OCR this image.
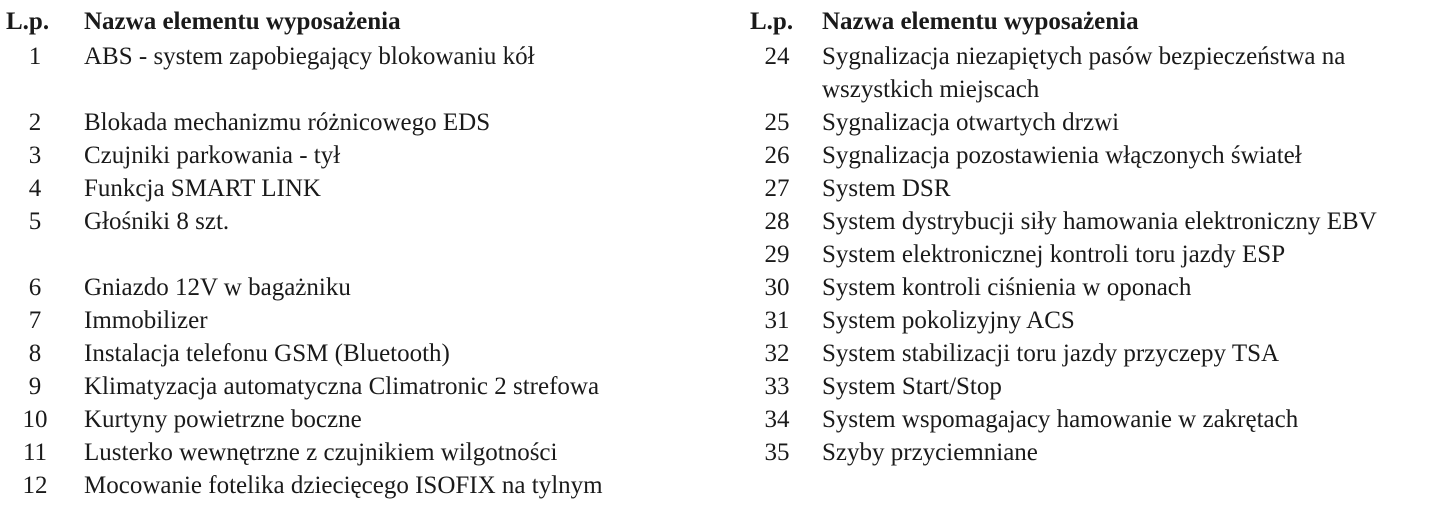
L.p.	Nazwa elementu wyposażenia
1	ABS - system zapobiegający blokowaniu kół
2	Blokada mechanizmu różnicowego EDS
3	Czujniki parkowania - tył
4	Funkcja SMART LINK
5	Głośniki 8 szt.
6	Gniazdo 12V w bagażniku
7	Immobilizer
8	Instalacja telefonu GSM (Bluetooth)
9	Klimatyzacja automatyczna Climatronic 2 strefowa
10	Kurtyny powietrzne boczne
11	Lusterko wewnętrzne z czujnikiem wilgotności
12	Mocowanie fotelika dziecięcego ISOFIX na tylnym
L.p.	Nazwa elementu wyposażenia
24	Sygnalizacja niezapiętych pasów bezpieczeństwa na wszystkich miejscach
25	Sygnalizacja otwartych drzwi
26	Sygnalizacja pozostawienia włączonych świateł
27	System DSR
28	System dystrybucji siły hamowania elektroniczny EBV
29	System elektronicznej kontroli toru jazdy ESP
30	System kontroli ciśnienia w oponach
31	System pokolizyjny ACS
32	System stabilizacji toru jazdy przyczepy TSA
33	System Start/Stop
34	System wspomagajacy hamowanie w zakrętach
35	Szyby przyciemniane
